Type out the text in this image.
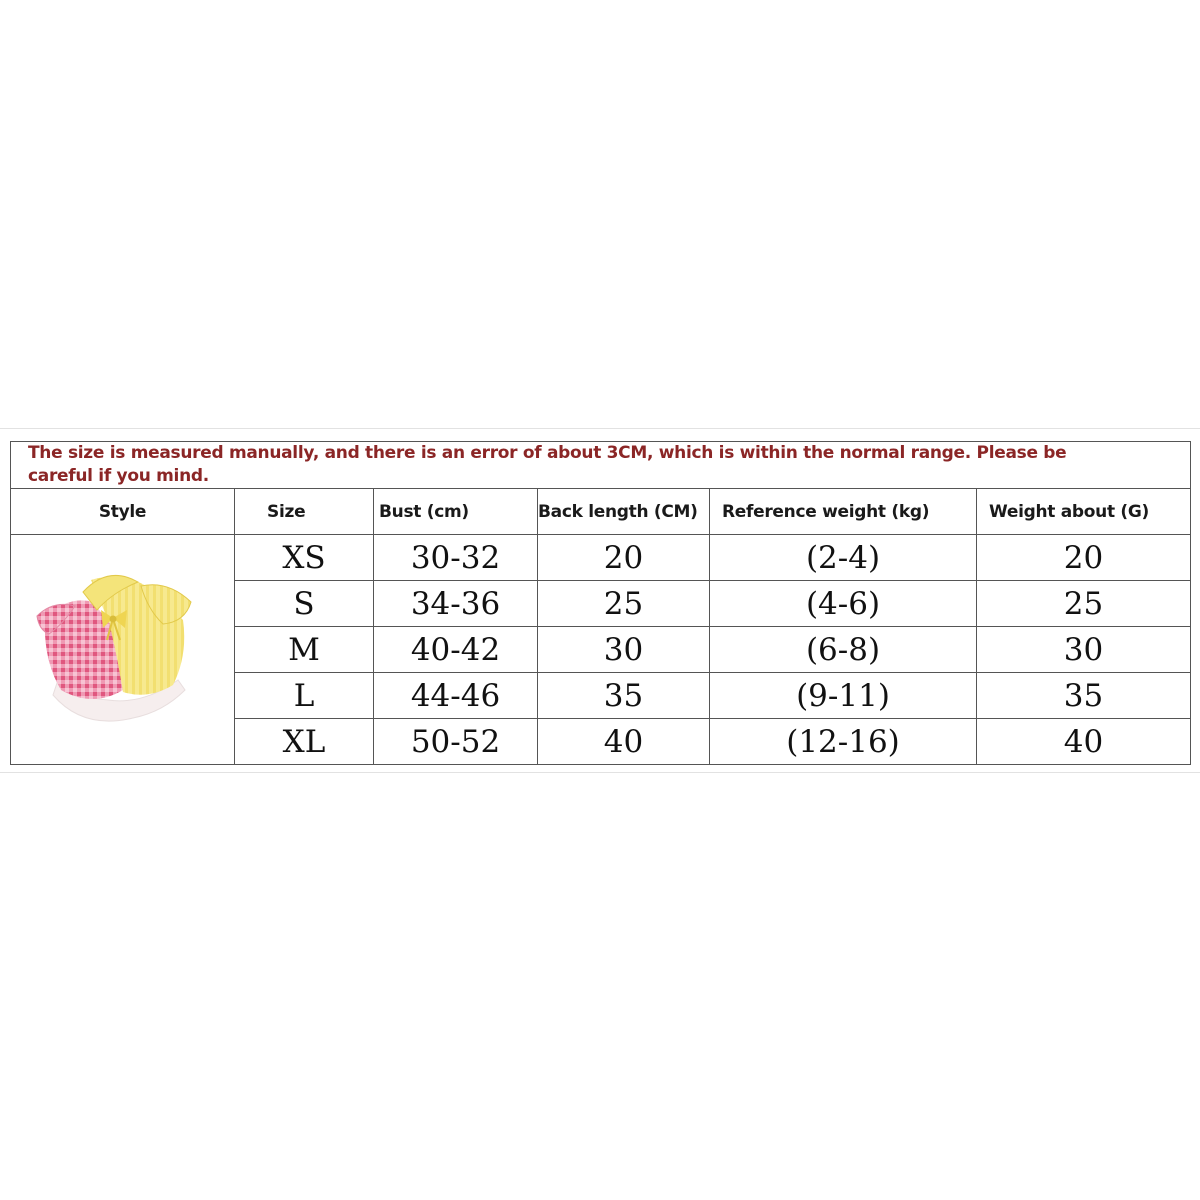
The size is measured manually, and there is an error of about 3CM, which is within the normal range. Please be careful if you mind.					

Style	Size	Bust (cm)	Back length (CM)	Reference weight (kg)	Weight about (G)

	XS	30-32	20	(2-4)	20
	S	34-36	25	(4-6)	25
	M	40-42	30	(6-8)	30
	L	44-46	35	(9-11)	35
	XL	50-52	40	(12-16)	40
